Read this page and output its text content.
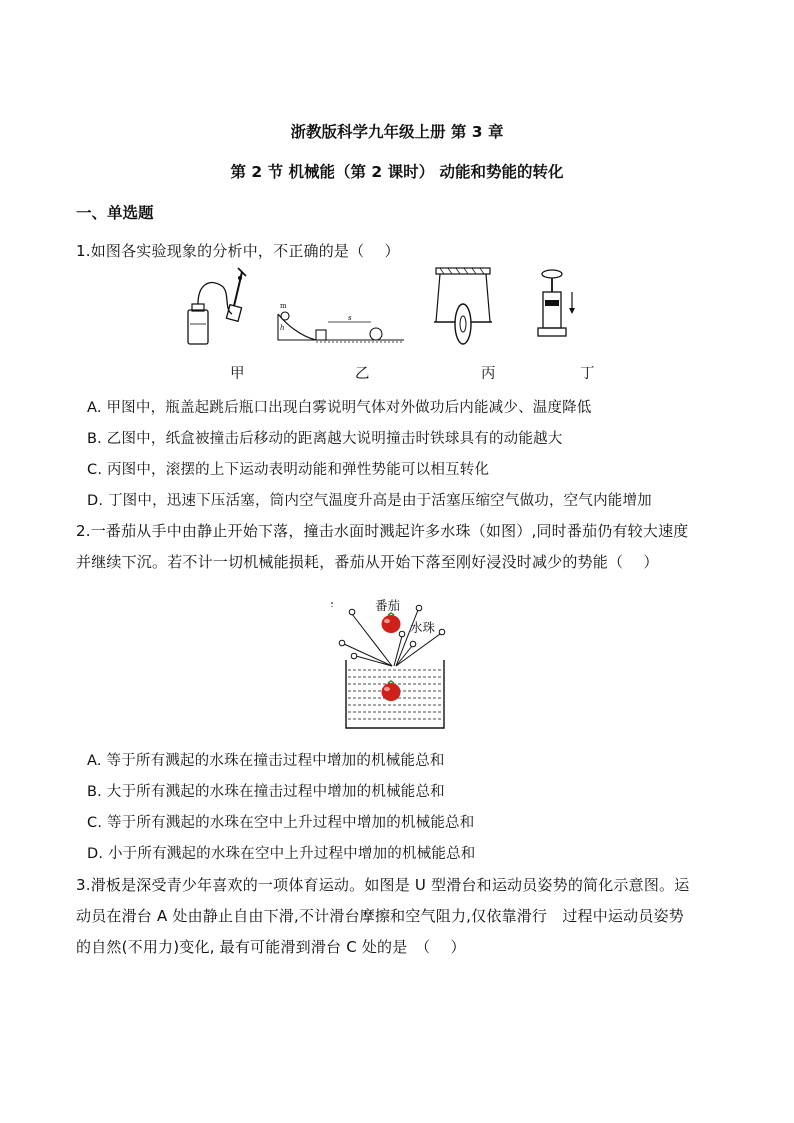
浙教版科学九年级上册 第 3 章
第 2 节 机械能（第 2 课时） 动能和势能的转化
一、单选题
1.如图各实验现象的分析中，不正确的是（　 ）
m
h
s
甲	乙	丙	丁
A. 甲图中，瓶盖起跳后瓶口出现白雾说明气体对外做功后内能减少、温度降低
B. 乙图中，纸盒被撞击后移动的距离越大说明撞击时铁球具有的动能越大
C. 丙图中，滚摆的上下运动表明动能和弹性势能可以相互转化
D. 丁图中，迅速下压活塞，筒内空气温度升高是由于活塞压缩空气做功，空气内能增加
2.一番茄从手中由静止开始下落，撞击水面时溅起许多水珠（如图）,同时番茄仍有较大速度
并继续下沉。若不计一切机械能损耗，番茄从开始下落至刚好浸没时减少的势能（　 ）
番茄
水珠
A. 等于所有溅起的水珠在撞击过程中增加的机械能总和
B. 大于所有溅起的水珠在撞击过程中增加的机械能总和
C. 等于所有溅起的水珠在空中上升过程中增加的机械能总和
D. 小于所有溅起的水珠在空中上升过程中增加的机械能总和
3.滑板是深受青少年喜欢的一项体育运动。如图是 U 型滑台和运动员姿势的简化示意图。运
动员在滑台 A 处由静止自由下滑,不计滑台摩擦和空气阻力,仅依靠滑行　过程中运动员姿势
的自然(不用力)变化, 最有可能滑到滑台 C 处的是　（　 ）
